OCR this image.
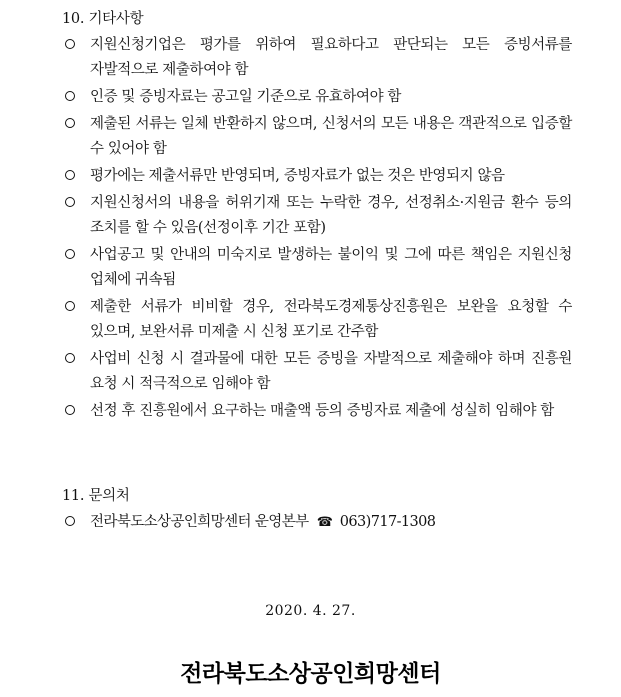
10. 기타사항
지원신청기업은 평가를 위하여 필요하다고 판단되는 모든 증빙서류를 자발적으로 제출하여야 함
인증 및 증빙자료는 공고일 기준으로 유효하여야 함
제출된 서류는 일체 반환하지 않으며, 신청서의 모든 내용은 객관적으로 입증할 수 있어야 함
평가에는 제출서류만 반영되며, 증빙자료가 없는 것은 반영되지 않음
지원신청서의 내용을 허위기재 또는 누락한 경우, 선정취소·지원금 환수 등의 조치를 할 수 있음(선정이후 기간 포함)
사업공고 및 안내의 미숙지로 발생하는 불이익 및 그에 따른 책임은 지원신청 업체에 귀속됨
제출한 서류가 비비할 경우, 전라북도경제통상진흥원은 보완을 요청할 수 있으며, 보완서류 미제출 시 신청 포기로 간주함
사업비 신청 시 결과물에 대한 모든 증빙을 자발적으로 제출해야 하며 진흥원 요청 시 적극적으로 임해야 함
선정 후 진흥원에서 요구하는 매출액 등의 증빙자료 제출에 성실히 임해야 함
11. 문의처
전라북도소상공인희망센터 운영본부 ☎ 063)717-1308
2020. 4. 27.
전라북도소상공인희망센터
